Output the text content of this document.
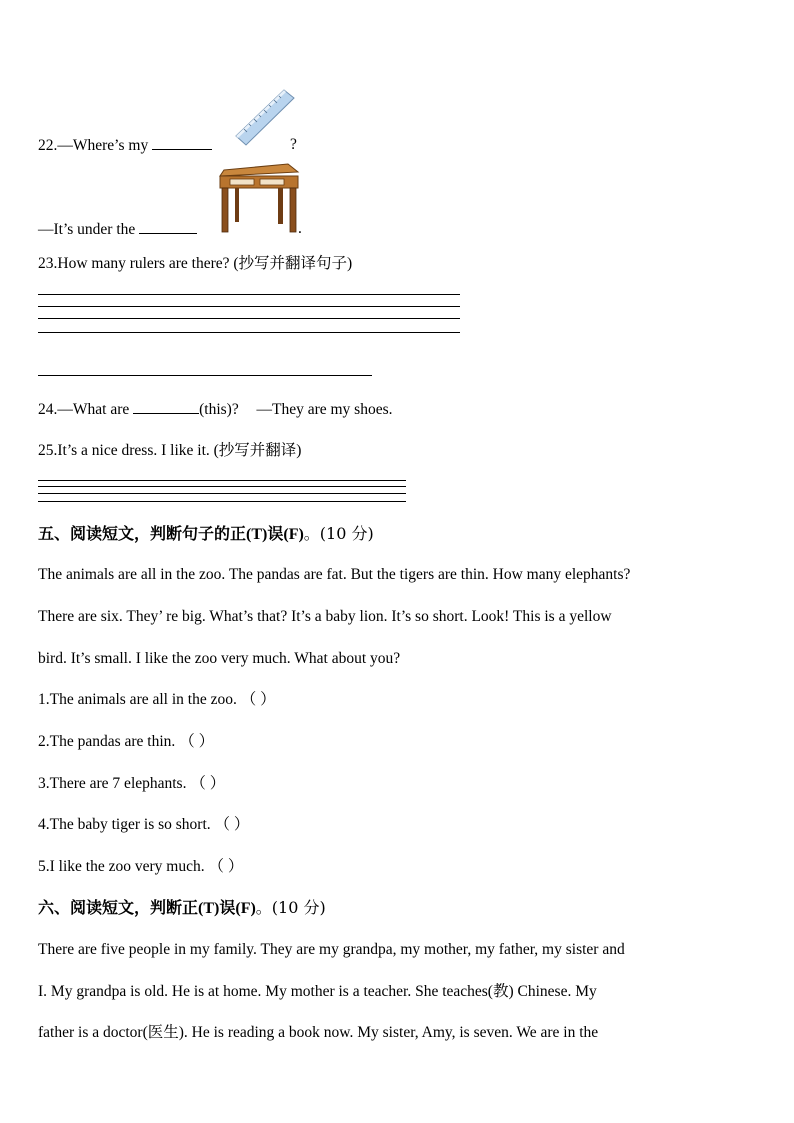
22.—Where’s my	?
—It’s under the	.
23.How many rulers are there? (抄写并翻译句子)
24.—What are	(this)? —They are my shoes.
25.It’s a nice dress. I like it. (抄写并翻译)
五、阅读短文，判断句子的正(T)误(F)。(10 分)
The animals are all in the zoo. The pandas are fat. But the tigers are thin. How many elephants?
There are six. They’ re big. What’s that? It’s a baby lion. It’s so short. Look! This is a yellow
bird. It’s small. I like the zoo very much. What about you?
1.The animals are all in the zoo. （ ）
2.The pandas are thin. （ ）
3.There are 7 elephants. （ ）
4.The baby tiger is so short. （ ）
5.I like the zoo very much. （ ）
六、阅读短文，判断正(T)误(F)。(10 分)
There are five people in my family. They are my grandpa, my mother, my father, my sister and
I. My grandpa is old. He is at home. My mother is a teacher. She teaches(教) Chinese. My
father is a doctor(医生). He is reading a book now. My sister, Amy, is seven. We are in the
